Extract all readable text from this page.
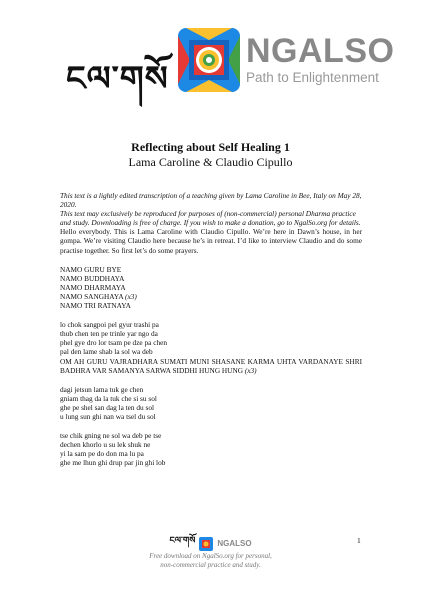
ངལ་གསོ
NGALSO
Path to Enlightenment

Reflecting about Self Healing 1

Lama Caroline & Claudio Cipullo

This text is a lightly edited transcription of a teaching given by Lama Caroline in Bee, Italy on May 28, 2020.

This text may exclusively be reproduced for purposes of (non-commercial) personal Dharma practice and study. Downloading is free of charge. If you wish to make a donation, go to NgalSo.org for details.

Hello everybody. This is Lama Caroline with Claudio Cipullo. We’re here in Dawn’s house, in her gompa. We’re visiting Claudio here because he’s in retreat. I’d like to interview Claudio and do some practise together. So first let’s do some prayers.

NAMO GURU BYE

NAMO BUDDHAYA

NAMO DHARMAYA

NAMO SANGHAYA (x3)

NAMO TRI RATNAYA

lo chok sangpoi pel gyur trashi pa

thub chen ten pe trinle yar ngo da

phel gye dro lor tsam pe dze pa chen

pal den lame shab la sol wa deb

OM AH GURU VAJRADHARA SUMATI MUNI SHASANE KARMA UHTA VARDANAYE SHRI BADHRA VAR SAMANYA SARWA SIDDHI HUNG HUNG (x3)

dagi jetsun lama tuk ge chen

gniam thag da la tuk che si su sol

ghe pe shel san dag la ten du sol

u lung sun ghi nan wa tsel du sol

tse chik gning ne sol wa deb pe tse

dechen khorlo u su lek shuk ne

yi la sam pe do don ma lu pa

ghe me lhun ghi drup par jin ghi lob

1
ངལ་གསོ	NGALSO
Free download on NgalSo.org for personal,
non-commercial practice and study.
